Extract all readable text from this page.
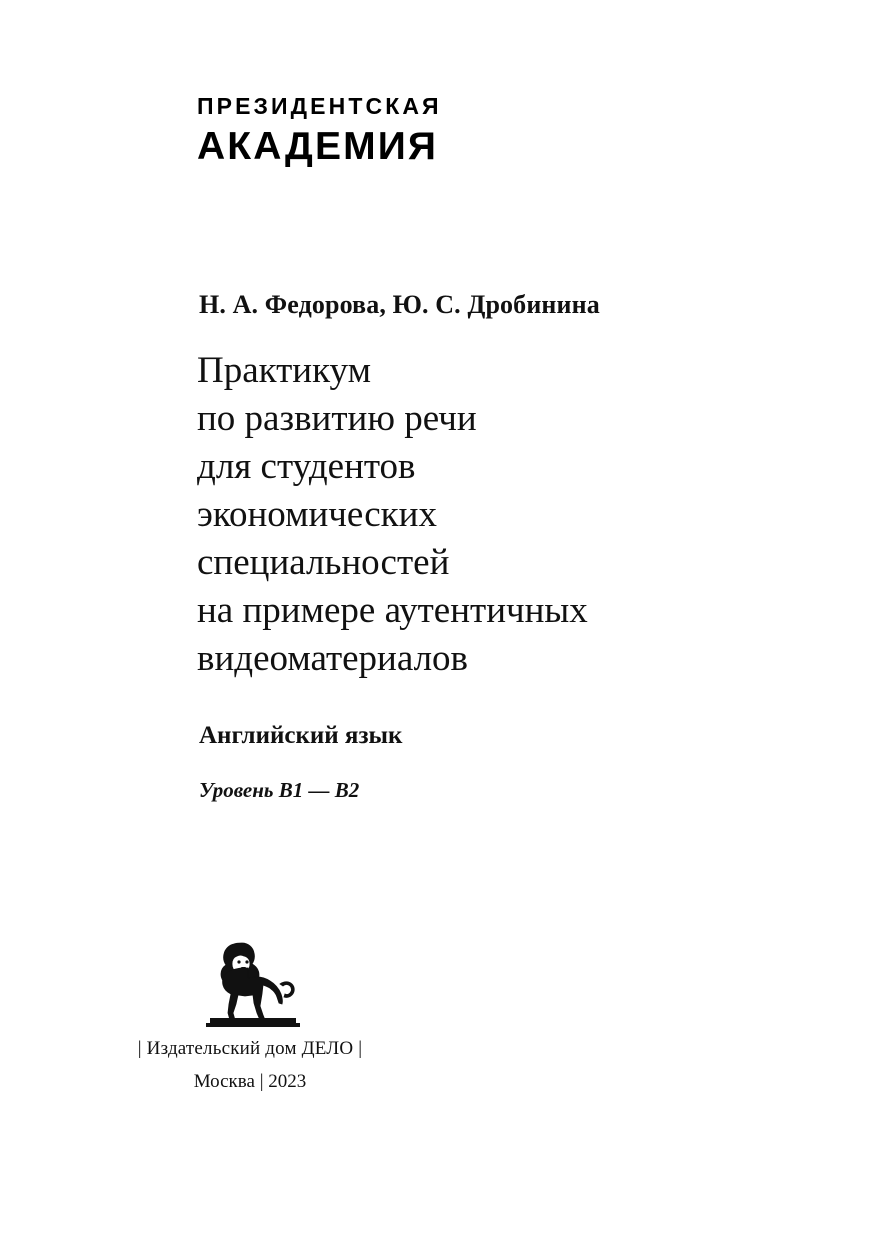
ПРЕЗИДЕНТСКАЯ
АКАДЕМИЯ
Н. А. Федорова, Ю. С. Дробинина
Практикум
по развитию речи
для студентов
экономических
специальностей
на примере аутентичных
видеоматериалов
Английский язык
Уровень B1 — B2
| Издательский дом ДЕЛО |
Москва | 2023
